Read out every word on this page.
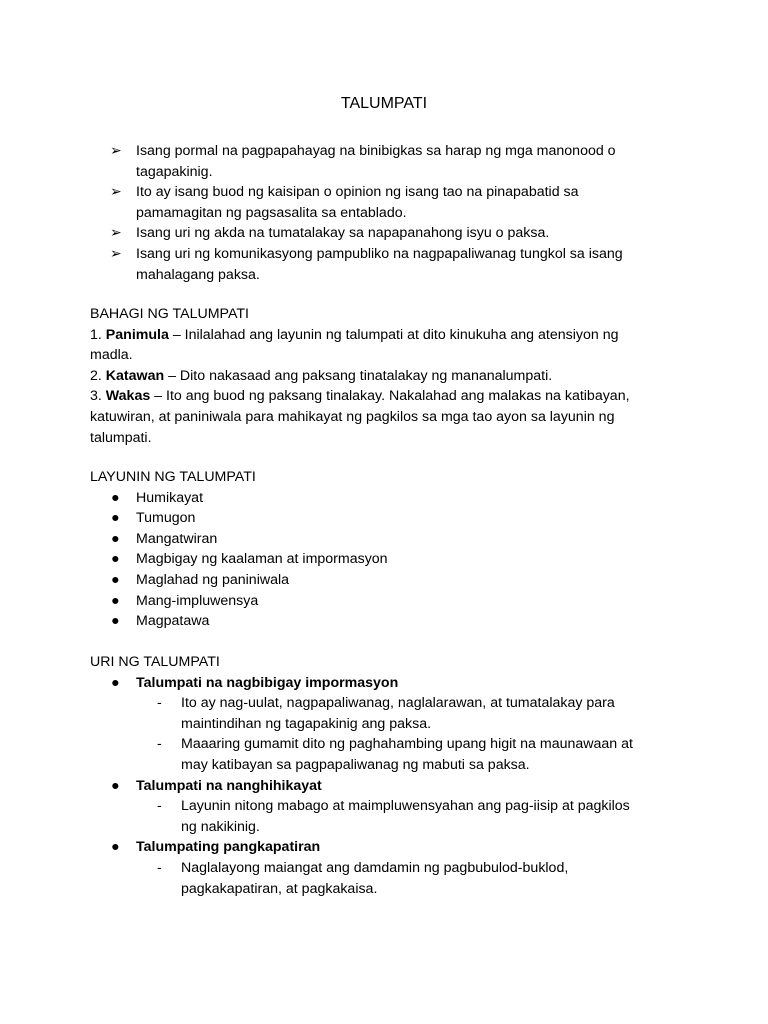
TALUMPATI
➢ Isang pormal na pagpapahayag na binibigkas sa harap ng mga manonood o
tagapakinig.
➢ Ito ay isang buod ng kaisipan o opinion ng isang tao na pinapabatid sa
pamamagitan ng pagsasalita sa entablado.
➢ Isang uri ng akda na tumatalakay sa napapanahong isyu o paksa.
➢ Isang uri ng komunikasyong pampubliko na nagpapaliwanag tungkol sa isang
mahalagang paksa.
BAHAGI NG TALUMPATI
1. Panimula – Inilalahad ang layunin ng talumpati at dito kinukuha ang atensiyon ng
madla.
2. Katawan – Dito nakasaad ang paksang tinatalakay ng mananalumpati.
3. Wakas – Ito ang buod ng paksang tinalakay. Nakalahad ang malakas na katibayan,
katuwiran, at paniniwala para mahikayat ng pagkilos sa mga tao ayon sa layunin ng
talumpati.
LAYUNIN NG TALUMPATI
●	Humikayat
●	Tumugon
●	Mangatwiran
●	Magbigay ng kaalaman at impormasyon
●	Maglahad ng paniniwala
●	Mang-impluwensya
●	Magpatawa
URI NG TALUMPATI
●	Talumpati na nagbibigay impormasyon
-	Ito ay nag-uulat, nagpapaliwanag, naglalarawan, at tumatalakay para
maintindihan ng tagapakinig ang paksa.
-	Maaaring gumamit dito ng paghahambing upang higit na maunawaan at
may katibayan sa pagpapaliwanag ng mabuti sa paksa.
●	Talumpati na nanghihikayat
-	Layunin nitong mabago at maimpluwensyahan ang pag-iisip at pagkilos
ng nakikinig.
●	Talumpating pangkapatiran
-	Naglalayong maiangat ang damdamin ng pagbubulod-buklod,
pagkakapatiran, at pagkakaisa.
